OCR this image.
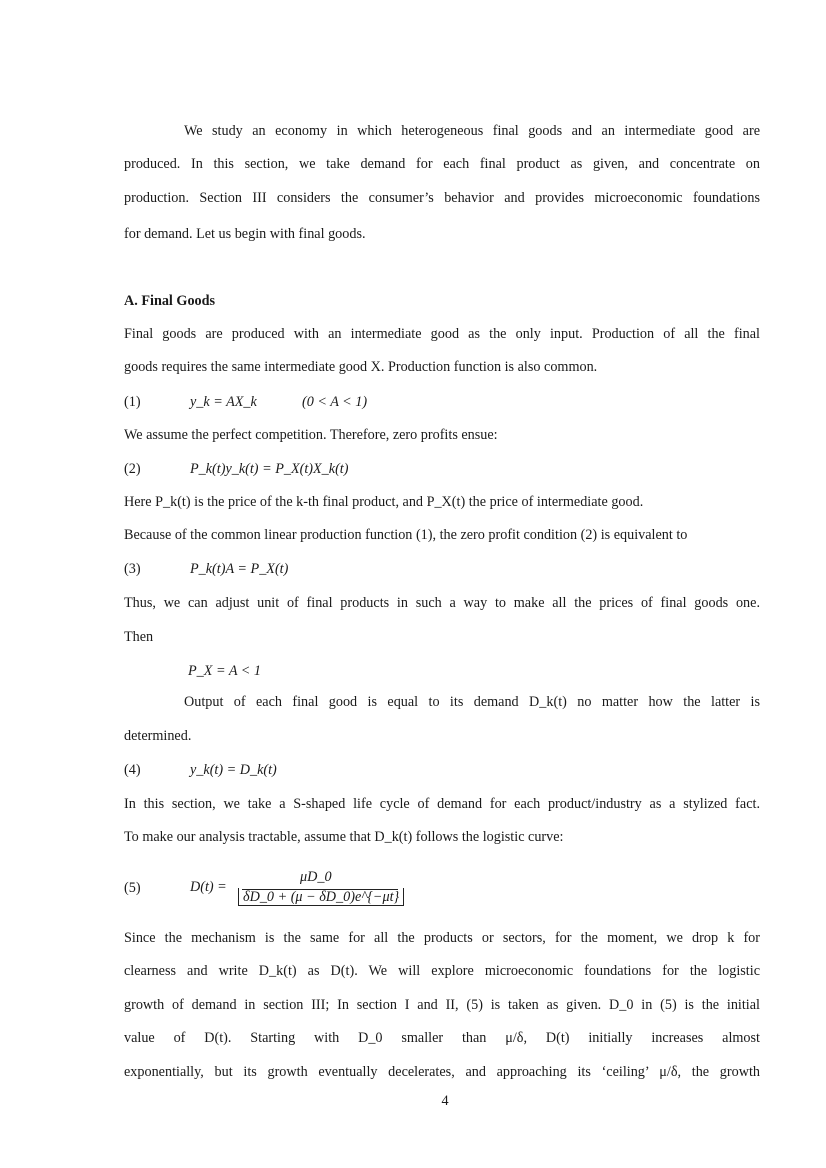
We study an economy in which heterogeneous final goods and an intermediate good are
produced. In this section, we take demand for each final product as given, and concentrate on
production. Section III considers the consumer’s behavior and provides microeconomic foundations
for demand. Let us begin with final goods.
A. Final Goods
Final goods are produced with an intermediate good as the only input. Production of all the final
goods requires the same intermediate good X. Production function is also common.
(1)	y_k = AX_k	(0 < A < 1)
We assume the perfect competition. Therefore, zero profits ensue:
(2)	P_k(t)y_k(t) = P_X(t)X_k(t)
Here P_k(t) is the price of the k-th final product, and P_X(t) the price of intermediate good.
Because of the common linear production function (1), the zero profit condition (2) is equivalent to
(3)	P_k(t)A = P_X(t)
Thus, we can adjust unit of final products in such a way to make all the prices of final goods one.
Then
P_X = A < 1
Output of each final good is equal to its demand D_k(t) no matter how the latter is
determined.
(4)	y_k(t) = D_k(t)
In this section, we take a S-shaped life cycle of demand for each product/industry as a stylized fact.
To make our analysis tractable, assume that D_k(t) follows the logistic curve:
(5)	D(t) =
μD_0
δD_0 + (μ − δD_0)e^{−μt}
Since the mechanism is the same for all the products or sectors, for the moment, we drop k for
clearness and write D_k(t) as D(t). We will explore microeconomic foundations for the logistic
growth of demand in section III; In section I and II, (5) is taken as given. D_0 in (5) is the initial
value of D(t). Starting with D_0 smaller than μ/δ, D(t) initially increases almost
exponentially, but its growth eventually decelerates, and approaching its ‘ceiling’ μ/δ, the growth
4
